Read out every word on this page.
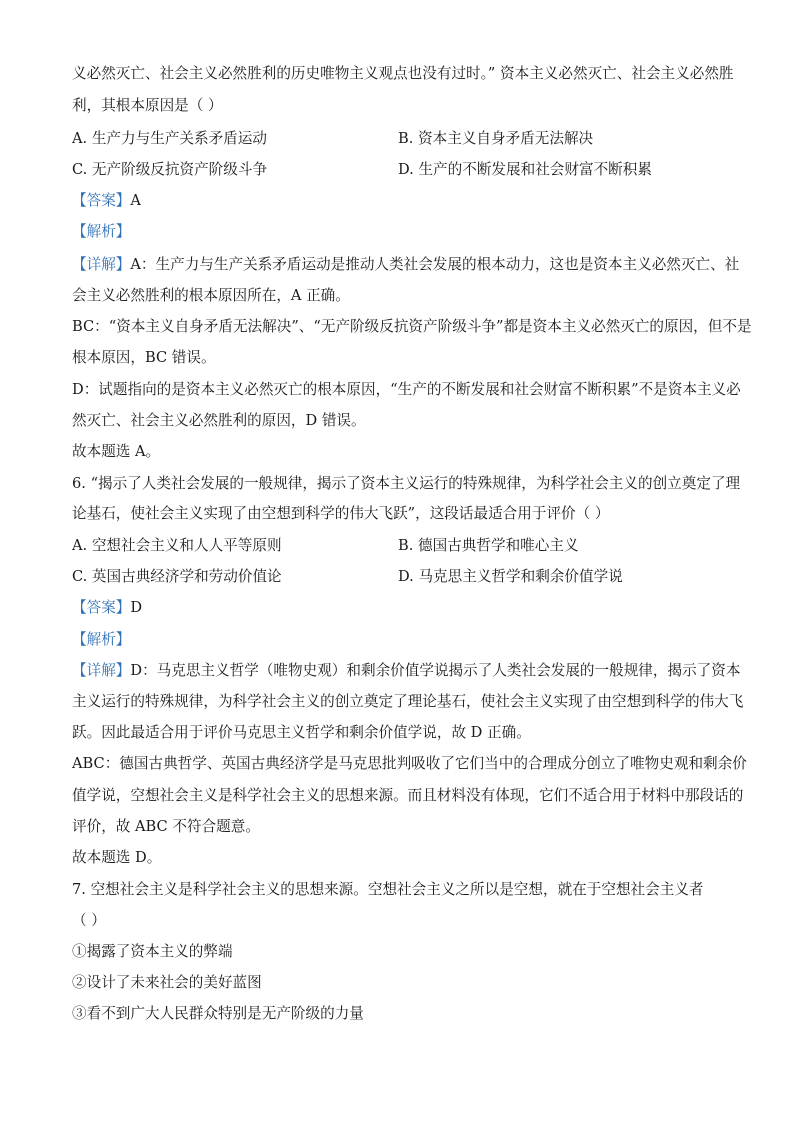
义必然灭亡、社会主义必然胜利的历史唯物主义观点也没有过时。” 资本主义必然灭亡、社会主义必然胜
利，其根本原因是（ ）
A. 生产力与生产关系矛盾运动	B. 资本主义自身矛盾无法解决
C. 无产阶级反抗资产阶级斗争	D. 生产的不断发展和社会财富不断积累
【答案】A
【解析】
【详解】A：生产力与生产关系矛盾运动是推动人类社会发展的根本动力，这也是资本主义必然灭亡、社
会主义必然胜利的根本原因所在，A 正确。
BC：“资本主义自身矛盾无法解决”、“无产阶级反抗资产阶级斗争”都是资本主义必然灭亡的原因，但不是
根本原因，BC 错误。
D：试题指向的是资本主义必然灭亡的根本原因，“生产的不断发展和社会财富不断积累”不是资本主义必
然灭亡、社会主义必然胜利的原因，D 错误。
故本题选 A。
6. “揭示了人类社会发展的一般规律，揭示了资本主义运行的特殊规律，为科学社会主义的创立奠定了理
论基石，使社会主义实现了由空想到科学的伟大飞跃”，这段话最适合用于评价（ ）
A. 空想社会主义和人人平等原则	B. 德国古典哲学和唯心主义
C. 英国古典经济学和劳动价值论	D. 马克思主义哲学和剩余价值学说
【答案】D
【解析】
【详解】D：马克思主义哲学（唯物史观）和剩余价值学说揭示了人类社会发展的一般规律，揭示了资本
主义运行的特殊规律，为科学社会主义的创立奠定了理论基石，使社会主义实现了由空想到科学的伟大飞
跃。因此最适合用于评价马克思主义哲学和剩余价值学说，故 D 正确。
ABC：德国古典哲学、英国古典经济学是马克思批判吸收了它们当中的合理成分创立了唯物史观和剩余价
值学说，空想社会主义是科学社会主义的思想来源。而且材料没有体现，它们不适合用于材料中那段话的
评价，故 ABC 不符合题意。
故本题选 D。
7. 空想社会主义是科学社会主义的思想来源。空想社会主义之所以是空想，就在于空想社会主义者
（ ）
①揭露了资本主义的弊端
②设计了未来社会的美好蓝图
③看不到广大人民群众特别是无产阶级的力量
